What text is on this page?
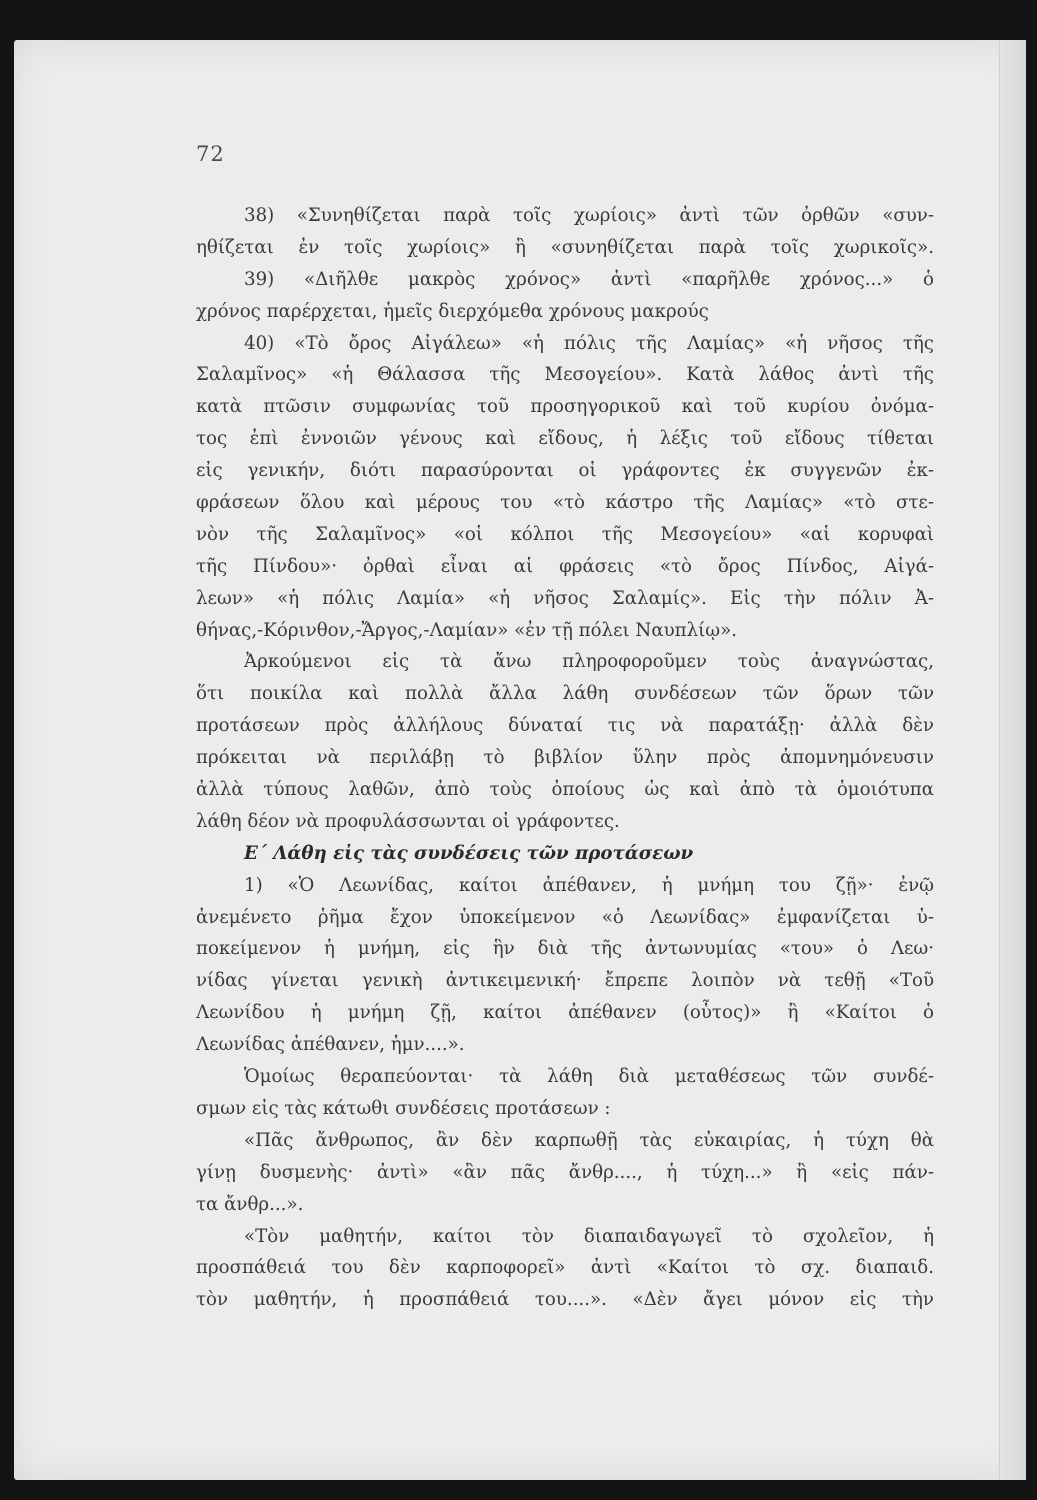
72
38) «Συνηθίζεται παρὰ τοῖς χωρίοις» ἀντὶ τῶν ὀρθῶν «συν-
ηθίζεται ἐν τοῖς χωρίοις» ἢ «συνηθίζεται παρὰ τοῖς χωρικοῖς».
39) «Διῆλθε μακρὸς χρόνος» ἀντὶ «παρῆλθε χρόνος...» ὁ
χρόνος παρέρχεται, ἡμεῖς διερχόμεθα χρόνους μακρούς
40) «Τὸ ὄρος Αἰγάλεω» «ἡ πόλις τῆς Λαμίας» «ἡ νῆσος τῆς
Σαλαμῖνος» «ἡ Θάλασσα τῆς Μεσογείου». Κατὰ λάθος ἀντὶ τῆς
κατὰ πτῶσιν συμφωνίας τοῦ προσηγορικοῦ καὶ τοῦ κυρίου ὀνόμα-
τος ἐπὶ ἐννοιῶν γένους καὶ εἴδους, ἡ λέξις τοῦ εἴδους τίθεται
εἰς γενικήν, διότι παρασύρονται οἱ γράφοντες ἐκ συγγενῶν ἐκ-
φράσεων ὅλου καὶ μέρους του «τὸ κάστρο τῆς Λαμίας» «τὸ στε-
νὸν τῆς Σαλαμῖνος» «οἱ κόλποι τῆς Μεσογείου» «αἱ κορυφαὶ
τῆς Πίνδου»· ὀρθαὶ εἶναι αἱ φράσεις «τὸ ὄρος Πίνδος, Αἰγά-
λεων» «ἡ πόλις Λαμία» «ἡ νῆσος Σαλαμίς». Εἰς τὴν πόλιν Ἀ-
θήνας,-Κόρινθον,-Ἄργος,-Λαμίαν» «ἐν τῇ πόλει Ναυπλίῳ».
Ἀρκούμενοι εἰς τὰ ἄνω πληροφοροῦμεν τοὺς ἀναγνώστας,
ὅτι ποικίλα καὶ πολλὰ ἄλλα λάθη συνδέσεων τῶν ὅρων τῶν
προτάσεων πρὸς ἀλλήλους δύναταί τις νὰ παρατάξῃ· ἀλλὰ δὲν
πρόκειται νὰ περιλάβῃ τὸ βιβλίον ὕλην πρὸς ἀπομνημόνευσιν
ἀλλὰ τύπους λαθῶν, ἀπὸ τοὺς ὁποίους ὡς καὶ ἀπὸ τὰ ὁμοιότυπα
λάθη δέον νὰ προφυλάσσωνται οἱ γράφοντες.
Ε΄ Λάθη εἰς τὰς συνδέσεις τῶν προτάσεων
1) «Ὁ Λεωνίδας, καίτοι ἀπέθανεν, ἡ μνήμη του ζῇ»· ἐνῷ
ἀνεμένετο ῥῆμα ἔχον ὑποκείμενον «ὁ Λεωνίδας» ἐμφανίζεται ὑ-
ποκείμενον ἡ μνήμη, εἰς ἣν διὰ τῆς ἀντωνυμίας «του» ὁ Λεω·
νίδας γίνεται γενικὴ ἀντικειμενική· ἔπρεπε λοιπὸν νὰ τεθῇ «Τοῦ
Λεωνίδου ἡ μνήμη ζῇ, καίτοι ἀπέθανεν (οὗτος)» ἢ «Καίτοι ὁ
Λεωνίδας ἀπέθανεν, ἡμν....».
Ὁμοίως θεραπεύονται· τὰ λάθη διὰ μεταθέσεως τῶν συνδέ-
σμων εἰς τὰς κάτωθι συνδέσεις προτάσεων :
«Πᾶς ἄνθρωπος, ἂν δὲν καρπωθῇ τὰς εὐκαιρίας, ἡ τύχη θὰ
γίνῃ δυσμενὴς· ἀντὶ» «ἂν πᾶς ἄνθρ...., ἡ τύχη...» ἢ «εἰς πάν-
τα ἄνθρ...».
«Τὸν μαθητήν, καίτοι τὸν διαπαιδαγωγεῖ τὸ σχολεῖον, ἡ
προσπάθειά του δὲν καρποφορεῖ» ἀντὶ «Καίτοι τὸ σχ. διαπαιδ.
τὸν μαθητήν, ἡ προσπάθειά του....». «Δὲν ἄγει μόνον εἰς τὴν
